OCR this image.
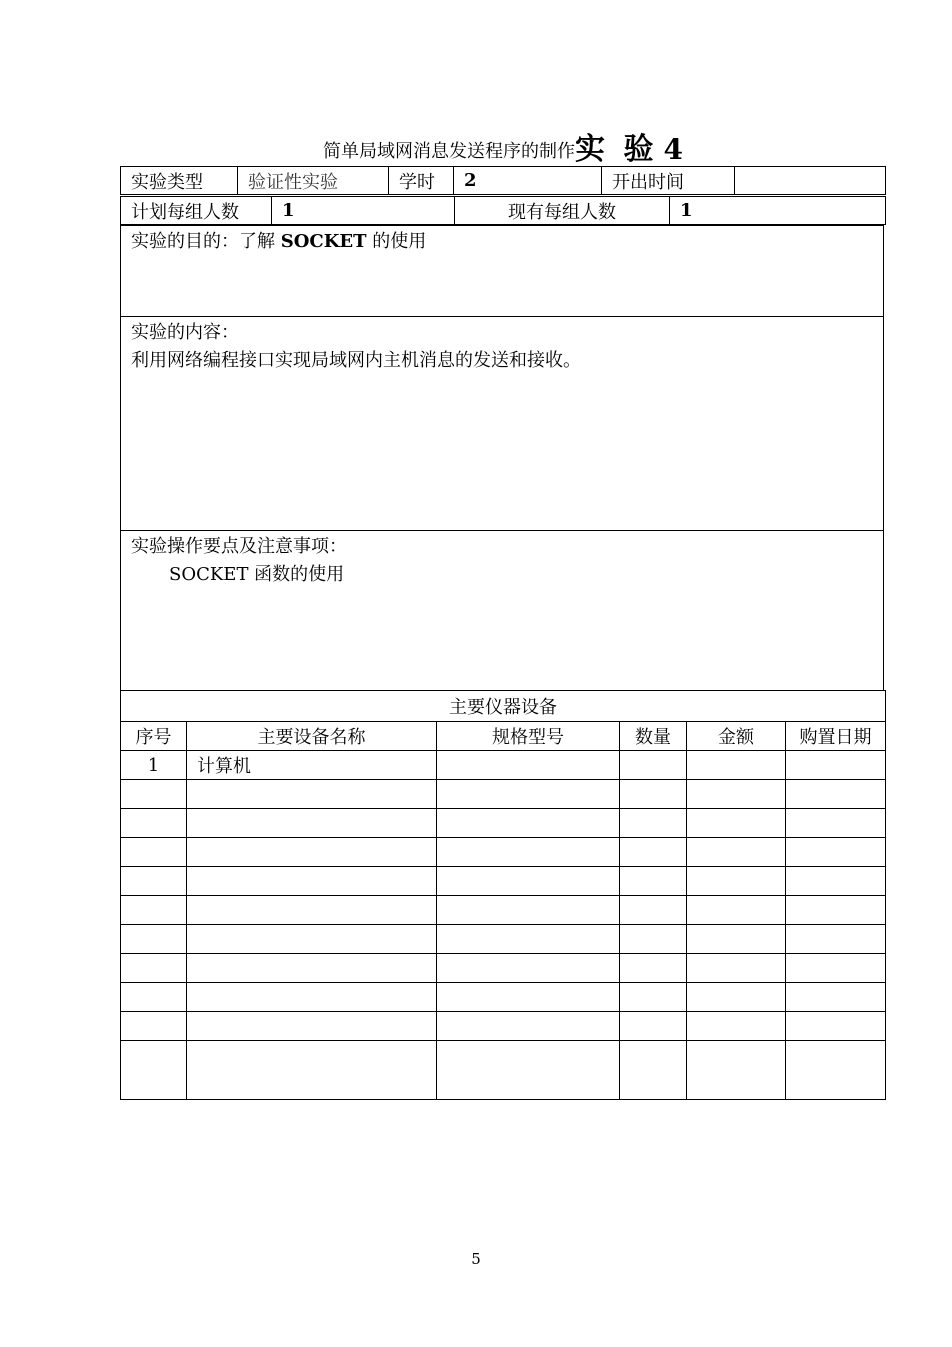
简单局域网消息发送程序的制作实 验 4
实验类型	验证性实验	学时	2	开出时间	
计划每组人数	1	现有每组人数	1
实验的目的：了解 SOCKET 的使用
实验的内容：
利用网络编程接口实现局域网内主机消息的发送和接收。
实验操作要点及注意事项：
SOCKET 函数的使用
主要仪器设备					
序号	主要设备名称	规格型号	数量	金额	购置日期
1	计算机				

5
